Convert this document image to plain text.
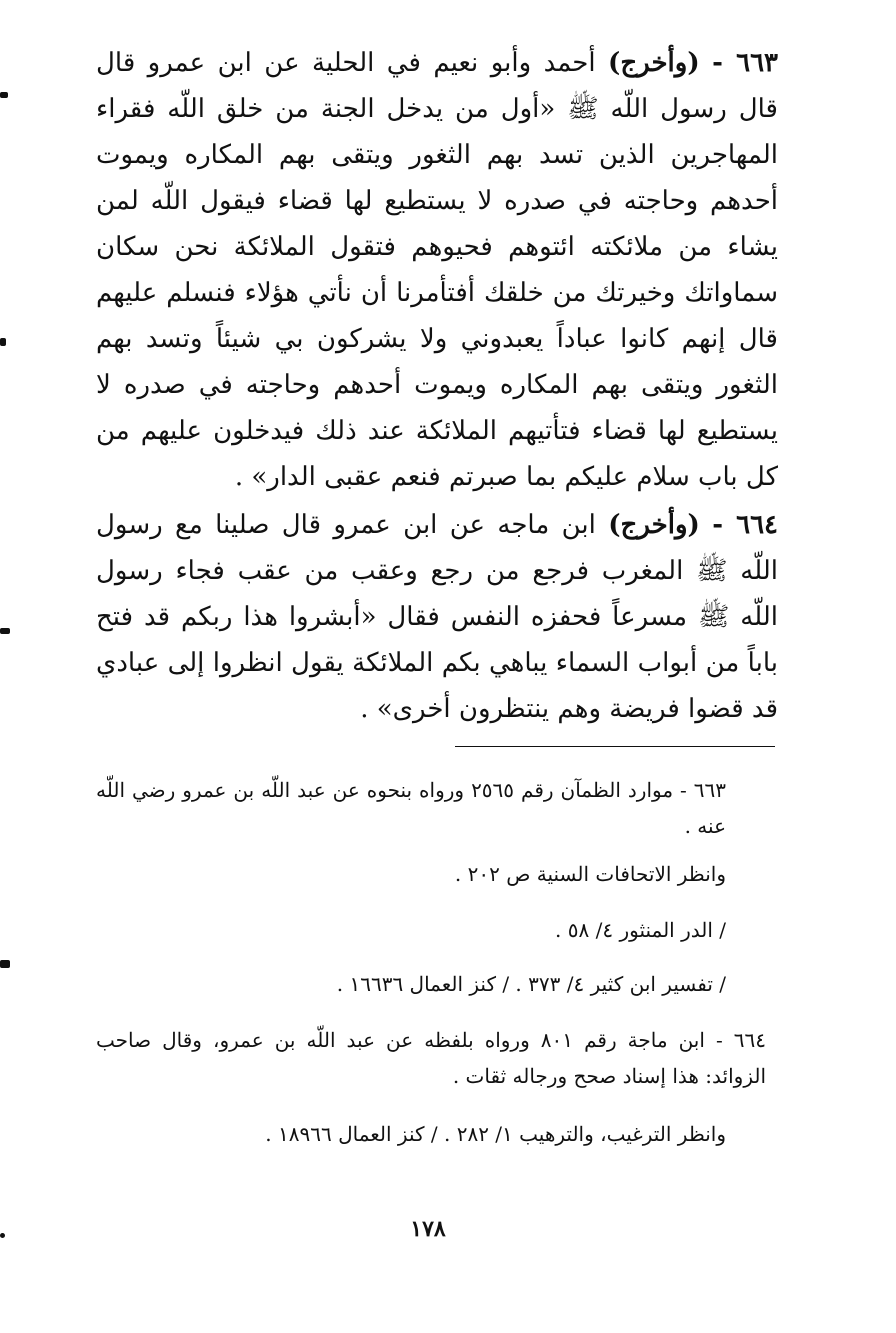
٦٦٣ - (وأخرج) أحمد وأبو نعيم في الحلية عن ابن عمرو قال قال رسول اللّه ﷺ «أول من يدخل الجنة من خلق اللّه فقراء المهاجرين الذين تسد بهم الثغور ويتقى بهم المكاره ويموت أحدهم وحاجته في صدره لا يستطيع لها قضاء فيقول اللّه لمن يشاء من ملائكته ائتوهم فحيوهم فتقول الملائكة نحن سكان سماواتك وخيرتك من خلقك أفتأمرنا أن نأتي هؤلاء فنسلم عليهم قال إنهم كانوا عباداً يعبدوني ولا يشركون بي شيئاً وتسد بهم الثغور ويتقى بهم المكاره ويموت أحدهم وحاجته في صدره لا يستطيع لها قضاء فتأتيهم الملائكة عند ذلك فيدخلون عليهم من كل باب سلام عليكم بما صبرتم فنعم عقبى الدار» .

٦٦٤ - (وأخرج) ابن ماجه عن ابن عمرو قال صلينا مع رسول اللّه ﷺ المغرب فرجع من رجع وعقب من عقب فجاء رسول اللّه ﷺ مسرعاً فحفزه النفس فقال «أبشروا هذا ربكم قد فتح باباً من أبواب السماء يباهي بكم الملائكة يقول انظروا إلى عبادي قد قضوا فريضة وهم ينتظرون أخرى» .

٦٦٣ - موارد الظمآن رقم ٢٥٦٥ ورواه بنحوه عن عبد اللّه بن عمرو رضي اللّه عنه .

وانظر الاتحافات السنية ص ٢٠٢ .

/ الدر المنثور ٤/ ٥٨ .

/ تفسير ابن كثير ٤/ ٣٧٣ . / كنز العمال ١٦٦٣٦ .

٦٦٤ - ابن ماجة رقم ٨٠١ ورواه بلفظه عن عبد اللّه بن عمرو، وقال صاحب الزوائد: هذا إسناد صحح ورجاله ثقات .

وانظر الترغيب، والترهيب ١/ ٢٨٢ . / كنز العمال ١٨٩٦٦ .

١٧٨
